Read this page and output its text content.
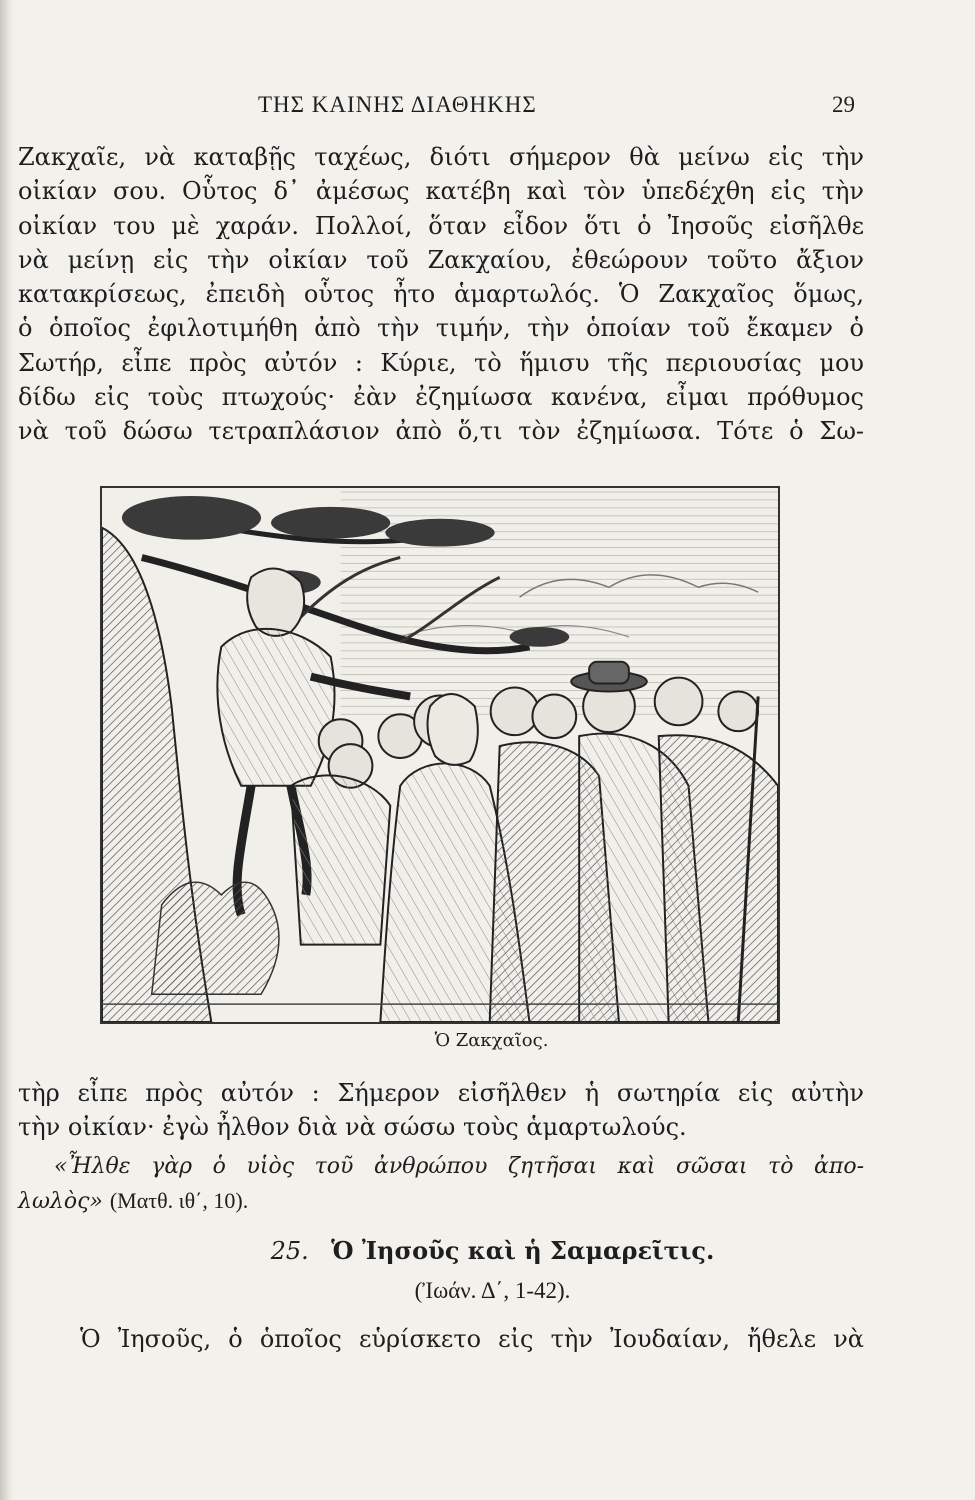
ΤΗΣ ΚΑΙΝΗΣ ΔΙΑΘΗΚΗΣ	29
Ζακχαῖε, νὰ καταβῇς ταχέως, διότι σήμερον θὰ μείνω εἰς τὴν
οἰκίαν σου. Οὗτος δ᾽ ἀμέσως κατέβη καὶ τὸν ὑπεδέχθη εἰς τὴν
οἰκίαν του μὲ χαράν. Πολλοί, ὅταν εἶδον ὅτι ὁ Ἰησοῦς εἰσῆλθε
νὰ μείνῃ εἰς τὴν οἰκίαν τοῦ Ζακχαίου, ἐθεώρουν τοῦτο ἄξιον
κατακρίσεως, ἐπειδὴ οὗτος ἦτο ἁμαρτωλός. Ὁ Ζακχαῖος ὅμως,
ὁ ὁποῖος ἐφιλοτιμήθη ἀπὸ τὴν τιμήν, τὴν ὁποίαν τοῦ ἔκαμεν ὁ
Σωτήρ, εἶπε πρὸς αὐτόν : Κύριε, τὸ ἥμισυ τῆς περιουσίας μου
δίδω εἰς τοὺς πτωχούς· ἐὰν ἐζημίωσα κανένα, εἶμαι πρόθυμος
νὰ τοῦ δώσω τετραπλάσιον ἀπὸ ὅ,τι τὸν ἐζημίωσα. Τότε ὁ Σω-
Ὁ Ζακχαῖος.
τὴρ εἶπε πρὸς αὐτόν : Σήμερον εἰσῆλθεν ἡ σωτηρία εἰς αὐτὴν
τὴν οἰκίαν· ἐγὼ ἦλθον διὰ νὰ σώσω τοὺς ἁμαρτωλούς.
«Ἦλθε γὰρ ὁ υἱὸς τοῦ ἀνθρώπου ζητῆσαι καὶ σῶσαι τὸ ἀπο-
λωλὸς» (Ματθ. ιθ΄, 10).
25. Ὁ Ἰησοῦς καὶ ἡ Σαμαρεῖτις.
(Ἰωάν. Δ΄, 1-42).
Ὁ Ἰησοῦς, ὁ ὁποῖος εὑρίσκετο εἰς τὴν Ἰουδαίαν, ἤθελε νὰ
